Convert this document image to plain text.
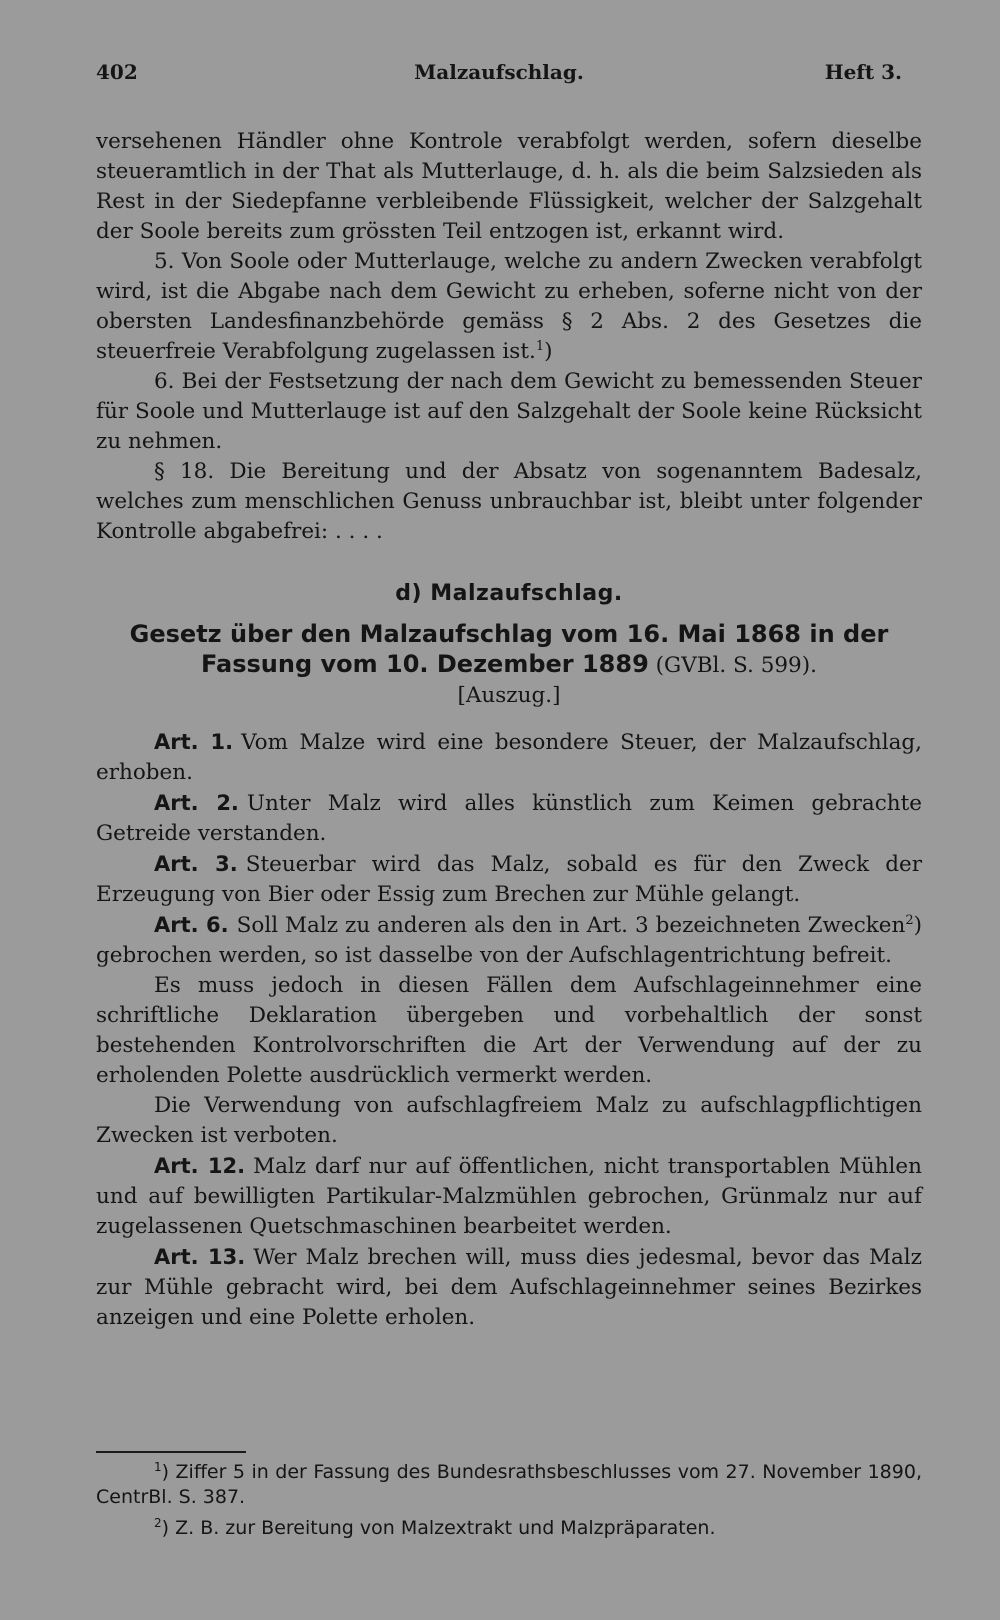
402	Malzaufschlag.	Heft 3.

versehenen Händler ohne Kontrole verabfolgt werden, sofern dieselbe steueramtlich in der That als Mutterlauge, d. h. als die beim Salzsieden als Rest in der Siedepfanne verbleibende Flüssigkeit, welcher der Salzgehalt der Soole bereits zum grössten Teil entzogen ist, erkannt wird.

5. Von Soole oder Mutterlauge, welche zu andern Zwecken verabfolgt wird, ist die Abgabe nach dem Gewicht zu erheben, soferne nicht von der obersten Landesfinanzbehörde gemäss § 2 Abs. 2 des Gesetzes die steuerfreie Verabfolgung zugelassen ist.$^1$)

6. Bei der Festsetzung der nach dem Gewicht zu bemessenden Steuer für Soole und Mutterlauge ist auf den Salzgehalt der Soole keine Rücksicht zu nehmen.

§ 18. Die Bereitung und der Absatz von sogenanntem Badesalz, welches zum menschlichen Genuss unbrauchbar ist, bleibt unter folgender Kontrolle abgabefrei: . . . .

d) Malzaufschlag.
Gesetz über den Malzaufschlag vom 16. Mai 1868 in der
Fassung vom 10. Dezember 1889 (GVBl. S. 599).
[Auszug.]

Art. 1. Vom Malze wird eine besondere Steuer, der Malzaufschlag, erhoben.

Art. 2. Unter Malz wird alles künstlich zum Keimen gebrachte Getreide verstanden.

Art. 3. Steuerbar wird das Malz, sobald es für den Zweck der Erzeugung von Bier oder Essig zum Brechen zur Mühle gelangt.

Art. 6. Soll Malz zu anderen als den in Art. 3 bezeichneten Zwecken$^2$) gebrochen werden, so ist dasselbe von der Aufschlagentrichtung befreit.

Es muss jedoch in diesen Fällen dem Aufschlageinnehmer eine schriftliche Deklaration übergeben und vorbehaltlich der sonst bestehenden Kontrolvorschriften die Art der Verwendung auf der zu erholenden Polette ausdrücklich vermerkt werden.

Die Verwendung von aufschlagfreiem Malz zu aufschlagpflichtigen Zwecken ist verboten.

Art. 12. Malz darf nur auf öffentlichen, nicht transportablen Mühlen und auf bewilligten Partikular-Malzmühlen gebrochen, Grünmalz nur auf zugelassenen Quetschmaschinen bearbeitet werden.

Art. 13. Wer Malz brechen will, muss dies jedesmal, bevor das Malz zur Mühle gebracht wird, bei dem Aufschlageinnehmer seines Bezirkes anzeigen und eine Polette erholen.

$^1$) Ziffer 5 in der Fassung des Bundesrathsbeschlusses vom 27. November 1890, CentrBl. S. 387.

$^2$) Z. B. zur Bereitung von Malzextrakt und Malzpräparaten.
